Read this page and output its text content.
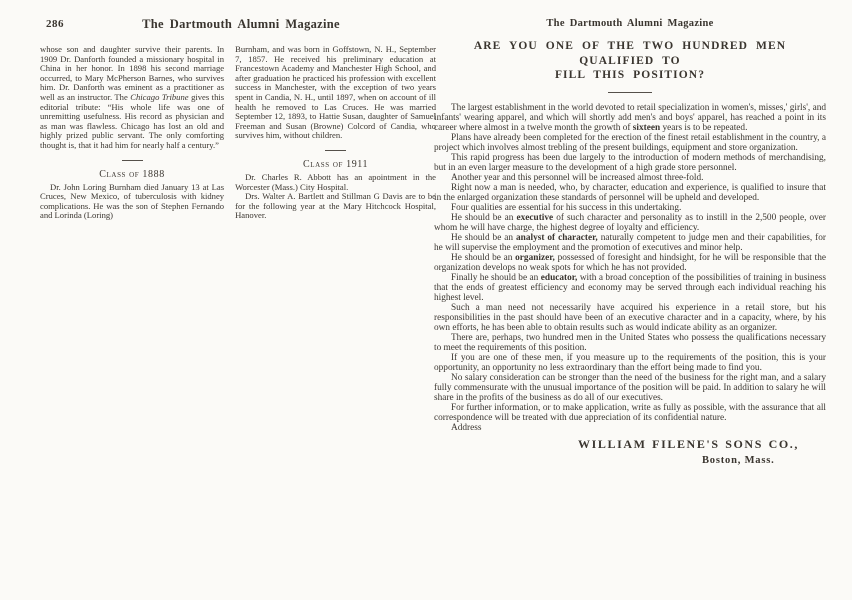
286	The Dartmouth Alumni Magazine

whose son and daughter survive their parents. In 1909 Dr. Danforth founded a missionary hospital in China in her honor. In 1898 his second marriage occurred, to Mary McPherson Barnes, who survives him. Dr. Danforth was eminent as a practitioner as well as an instructor. The Chicago Tribune gives this editorial tribute: “His whole life was one of unremitting usefulness. His record as physician and as man was flawless. Chicago has lost an old and highly prized public servant. The only comforting thought is, that it had him for nearly half a century.”

Class of 1888

Dr. John Loring Burnham died January 13 at Las Cruces, New Mexico, of tuberculosis with kidney complications. He was the son of Stephen Fernando and Lorinda (Loring)

Burnham, and was born in Goffstown, N. H., September 7, 1857. He received his preliminary education at Francestown Academy and Manchester High School, and after graduation he practiced his profession with excellent success in Manchester, with the exception of two years spent in Candia, N. H., until 1897, when on account of ill health he removed to Las Cruces. He was married September 12, 1893, to Hattie Susan, daughter of Samuel Freeman and Susan (Browne) Colcord of Candia, who survives him, without children.

Class of 1911

Dr. Charles R. Abbott has an apointment in the Worcester (Mass.) City Hospital.

Drs. Walter A. Bartlett and Stillman G Davis are to be for the following year at the Mary Hitchcock Hospital, Hanover.

The Dartmouth Alumni Magazine
ARE YOU ONE OF THE TWO HUNDRED MEN QUALIFIED TO
FILL THIS POSITION?

The largest establishment in the world devoted to retail specialization in women's, misses,' girls', and infants' wearing apparel, and which will shortly add men's and boys' apparel, has reached a point in its career where almost in a twelve month the growth of sixteen years is to be repeated.

Plans have already been completed for the erection of the finest retail establishment in the country, a project which involves almost trebling of the present buildings, equipment and store organization.

This rapid progress has been due largely to the introduction of modern methods of merchandising, but in an even larger measure to the development of a high grade store personnel.

Another year and this personnel will be increased almost three-fold.

Right now a man is needed, who, by character, education and experience, is qualified to insure that in the enlarged organization these standards of personnel will be upheld and developed.

Four qualities are essential for his success in this undertaking.

He should be an executive of such character and personality as to instill in the 2,500 people, over whom he will have charge, the highest degree of loyalty and efficiency.

He should be an analyst of character, naturally competent to judge men and their capabilities, for he will supervise the employment and the promotion of executives and minor help.

He should be an organizer, possessed of foresight and hindsight, for he will be responsible that the organization develops no weak spots for which he has not provided.

Finally he should be an educator, with a broad conception of the possibilities of training in business that the ends of greatest efficiency and economy may be served through each individual reaching his highest level.

Such a man need not necessarily have acquired his experience in a retail store, but his responsibilities in the past should have been of an executive character and in a capacity, where, by his own efforts, he has been able to obtain results such as would indicate ability as an organizer.

There are, perhaps, two hundred men in the United States who possess the qualifications necessary to meet the requirements of this position.

If you are one of these men, if you measure up to the requirements of the position, this is your opportunity, an opportunity no less extraordinary than the effort being made to find you.

No salary consideration can be stronger than the need of the business for the right man, and a salary fully commensurate with the unusual importance of the position will be paid. In addition to salary he will share in the profits of the business as do all of our executives.

For further information, or to make application, write as fully as possible, with the assurance that all correspondence will be treated with due appreciation of its confidential nature.

Address

WILLIAM FILENE'S SONS CO.,
Boston, Mass.
